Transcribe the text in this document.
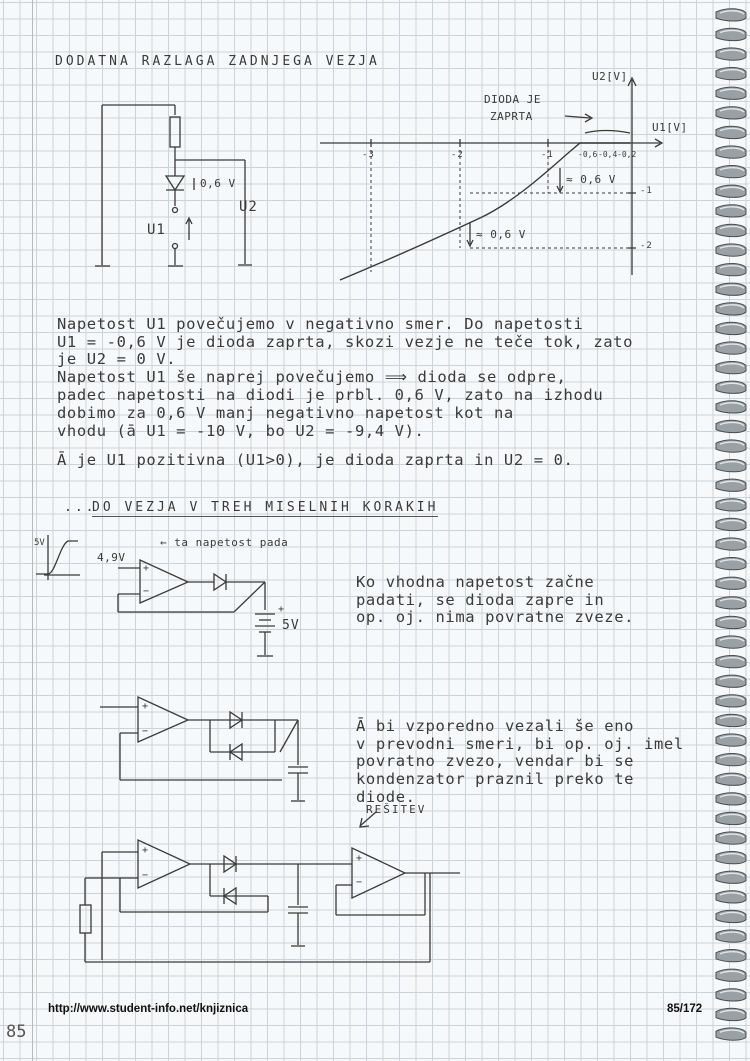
DODATNA RAZLAGA ZADNJEGA VEZJA
0,6 V
U1
U2
U2[V]
U1[V]
DIODA JE
ZAPRTA
-3	-2	-1	-0,6 -0,4 -0,2
-1
-2
≈ 0,6 V
≈ 0,6 V

Napetost U1 povečujemo v negativno smer. Do napetosti
U1 = -0,6 V je dioda zaprta, skozi vezje ne teče tok, zato
je U2 = 0 V.
Napetost U1 še naprej povečujemo ⟹ dioda se odpre,
padec napetosti na diodi je prbl. 0,6 V, zato na izhodu
dobimo za 0,6 V manj negativno napetost kot na
vhodu (ā U1 = -10 V, bo U2 = -9,4 V).

Ā je U1 pozitivna (U1>0), je dioda zaprta in U2 = 0.
...
DO VEZJA V TREH MISELNIH KORAKIH
← ta napetost pada
4,9V
5V
+
−
+
5V

Ko vhodna napetost začne
padati, se dioda zapre in
op. oj. nima povratne zveze.

+
−	Ā bi vzporedno vezali še eno
v prevodni smeri, bi op. oj. imel
povratno zvezo, vendar bi se
kondenzator praznil preko te
diode.

REŠITEV
+
−
+
−
http://www.student-info.net/knjiznica	85/172
85
